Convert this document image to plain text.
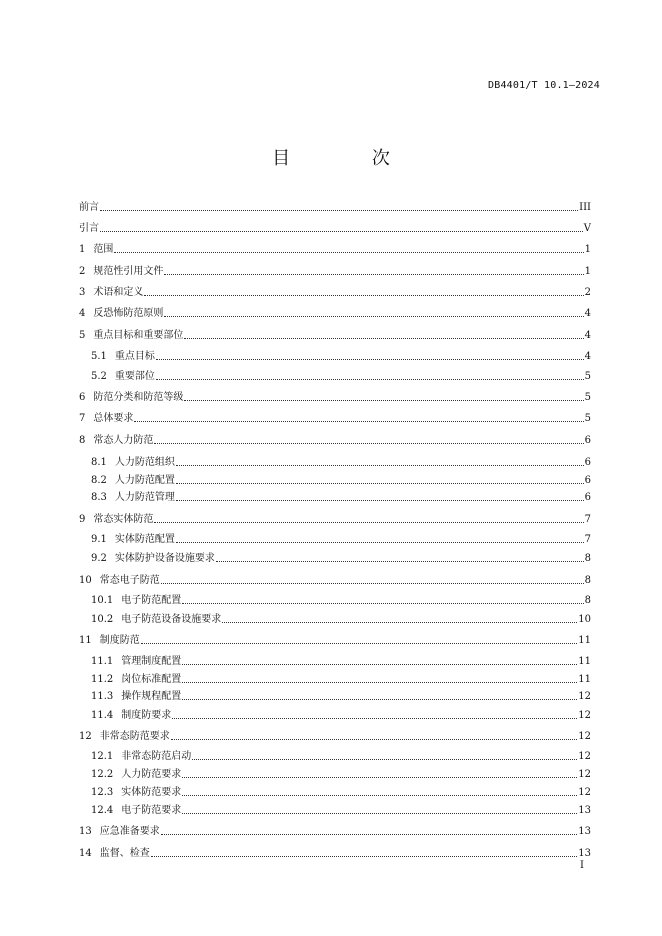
DB4401/T 10.1—2024
目 次
前言	III
引言	V
1 范围	1
2 规范性引用文件	1
3 术语和定义	2
4 反恐怖防范原则	4
5 重点目标和重要部位	4
5.1 重点目标	4
5.2 重要部位	5
6 防范分类和防范等级	5
7 总体要求	5
8 常态人力防范	6
8.1 人力防范组织	6
8.2 人力防范配置	6
8.3 人力防范管理	6
9 常态实体防范	7
9.1 实体防范配置	7
9.2 实体防护设备设施要求	8
10 常态电子防范	8
10.1 电子防范配置	8
10.2 电子防范设备设施要求	10
11 制度防范	11
11.1 管理制度配置	11
11.2 岗位标准配置	11
11.3 操作规程配置	12
11.4 制度防要求	12
12 非常态防范要求	12
12.1 非常态防范启动	12
12.2 人力防范要求	12
12.3 实体防范要求	12
12.4 电子防范要求	13
13 应急准备要求	13
14 监督、检查	13
I
